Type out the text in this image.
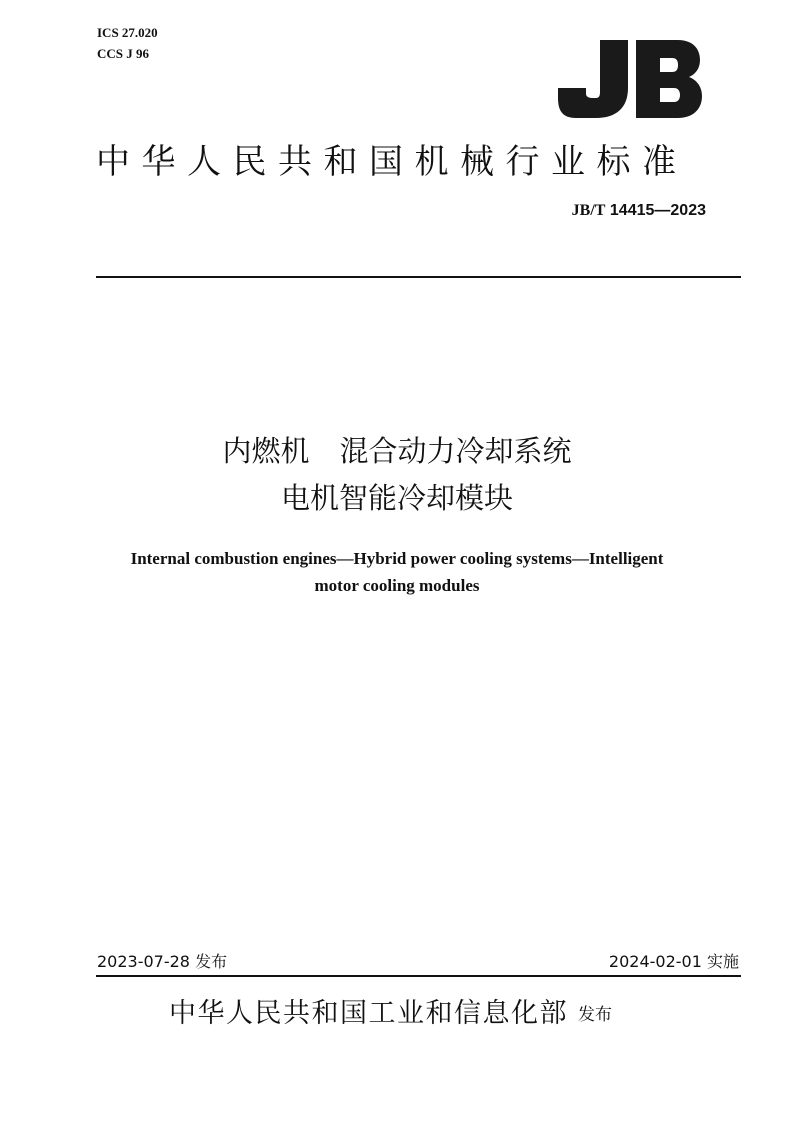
ICS 27.020
CCS J 96
中华人民共和国机械行业标准
JB/T 14415—2023
内燃机 混合动力冷却系统
电机智能冷却模块
Internal combustion engines—Hybrid power cooling systems—Intelligent
motor cooling modules
2023-07-28 发布	2024-02-01 实施
中华人民共和国工业和信息化部 发布
